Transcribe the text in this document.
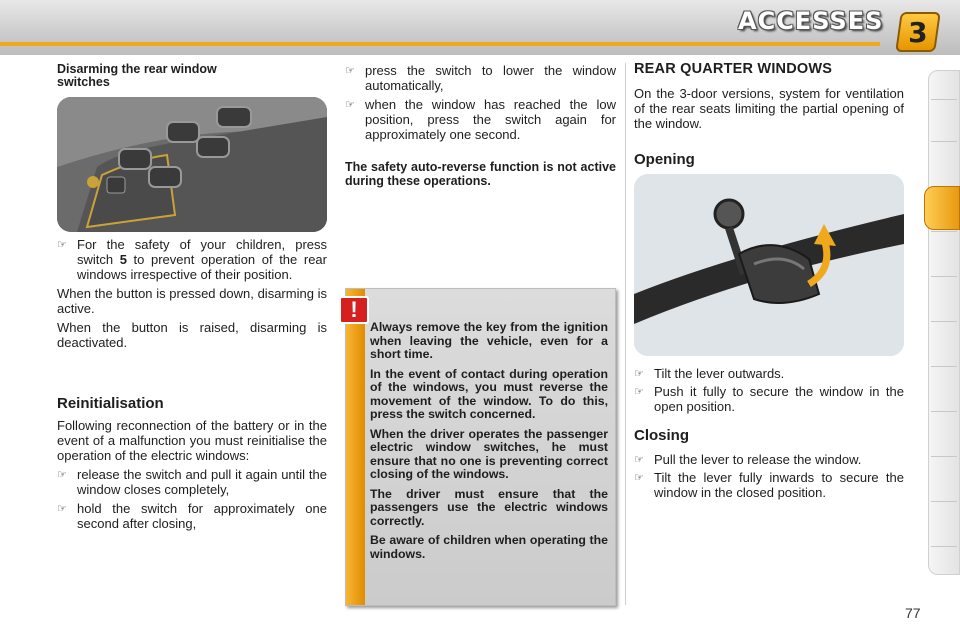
ACCESSES 3
Disarming the rear window switches
☞ For the safety of your children, press switch 5 to prevent operation of the rear windows irrespective of their position.

When the button is pressed down, disarming is active.

When the button is raised, disarming is deactivated.

Reinitialisation

Following reconnection of the battery or in the event of a malfunction you must reinitialise the operation of the electric windows:

☞ release the switch and pull it again until the window closes completely,
☞ hold the switch for approximately one second after closing,
☞ press the switch to lower the window automatically,
☞ when the window has reached the low position, press the switch again for approximately one second.

The safety auto-reverse function is not active during these operations.

!

Always remove the key from the ignition when leaving the vehicle, even for a short time.

In the event of contact during operation of the windows, you must reverse the movement of the window. To do this, press the switch concerned.

When the driver operates the passenger electric window switches, he must ensure that no one is preventing correct closing of the windows.

The driver must ensure that the passengers use the electric windows correctly.

Be aware of children when operating the windows.

REAR QUARTER WINDOWS

On the 3-door versions, system for ventilation of the rear seats limiting the partial opening of the window.

Opening
☞ Tilt the lever outwards.
☞ Push it fully to secure the window in the open position.
Closing
☞ Pull the lever to release the window.
☞ Tilt the lever fully inwards to secure the window in the closed position.
77
